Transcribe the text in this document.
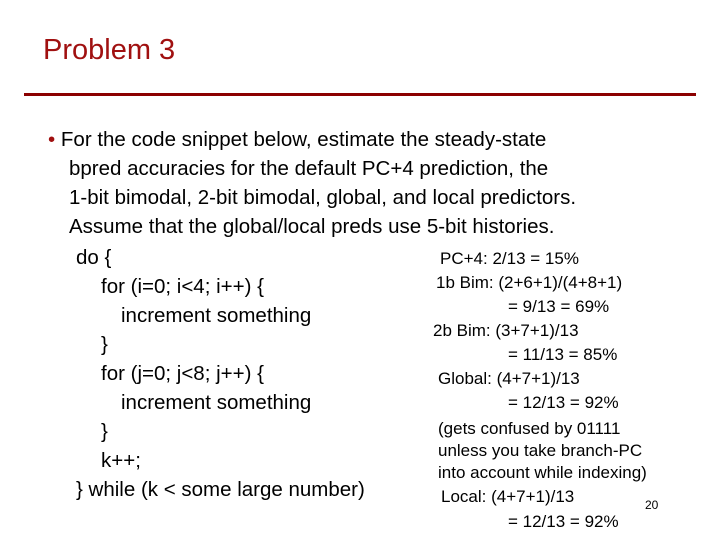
Problem 3
• For the code snippet below, estimate the steady-state
bpred accuracies for the default PC+4 prediction, the
1-bit bimodal, 2-bit bimodal, global, and local predictors.
Assume that the global/local preds use 5-bit histories.
do {
for (i=0; i<4; i++) {
increment something
}
for (j=0; j<8; j++) {
increment something
}
k++;
} while (k < some large number)
PC+4: 2/13 = 15%
1b Bim: (2+6+1)/(4+8+1)
= 9/13 = 69%
2b Bim: (3+7+1)/13
= 11/13 = 85%
Global: (4+7+1)/13
= 12/13 = 92%
(gets confused by 01111
unless you take branch-PC
into account while indexing)
Local: (4+7+1)/13
= 12/13 = 92%
20
